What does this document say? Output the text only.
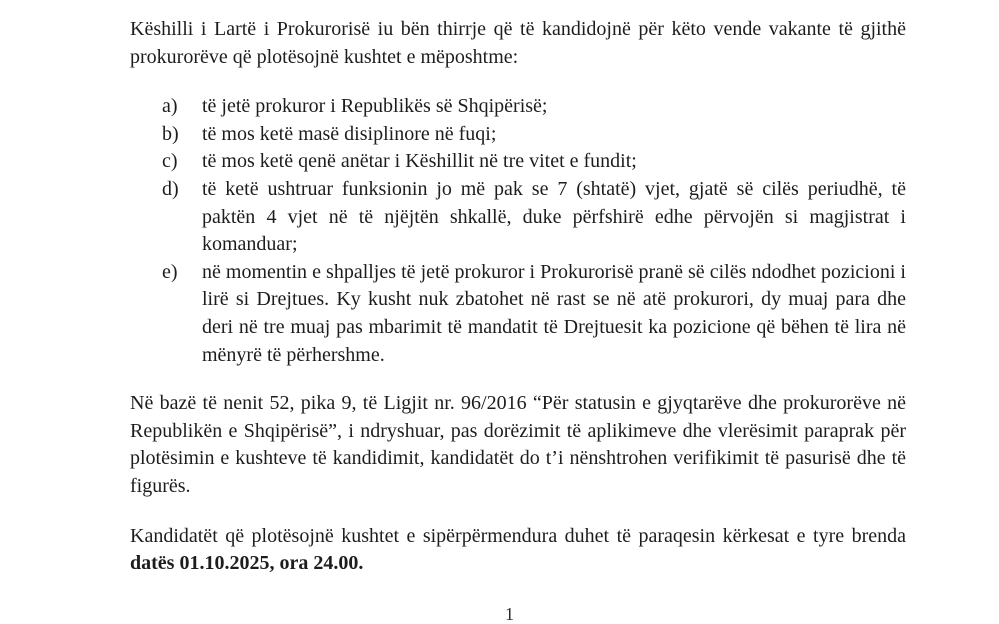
Këshilli i Lartë i Prokurorisë iu bën thirrje që të kandidojnë për këto vende vakante të gjithë prokurorëve që plotësojnë kushtet e mëposhtme:

a) të jetë prokuror i Republikës së Shqipërisë;
b) të mos ketë masë disiplinore në fuqi;
c) të mos ketë qenë anëtar i Këshillit në tre vitet e fundit;
d) të ketë ushtruar funksionin jo më pak se 7 (shtatë) vjet, gjatë së cilës periudhë, të paktën 4 vjet në të njëjtën shkallë, duke përfshirë edhe përvojën si magjistrat i komanduar;
e) në momentin e shpalljes të jetë prokuror i Prokurorisë pranë së cilës ndodhet pozicioni i lirë si Drejtues. Ky kusht nuk zbatohet në rast se në atë prokurori, dy muaj para dhe deri në tre muaj pas mbarimit të mandatit të Drejtuesit ka pozicione që bëhen të lira në mënyrë të përhershme.

Në bazë të nenit 52, pika 9, të Ligjit nr. 96/2016 “Për statusin e gjyqtarëve dhe prokurorëve në Republikën e Shqipërisë”, i ndryshuar, pas dorëzimit të aplikimeve dhe vlerësimit paraprak për plotësimin e kushteve të kandidimit, kandidatët do t’i nënshtrohen verifikimit të pasurisë dhe të figurës.

Kandidatët që plotësojnë kushtet e sipërpërmendura duhet të paraqesin kërkesat e tyre brenda datës 01.10.2025, ora 24.00.

1
